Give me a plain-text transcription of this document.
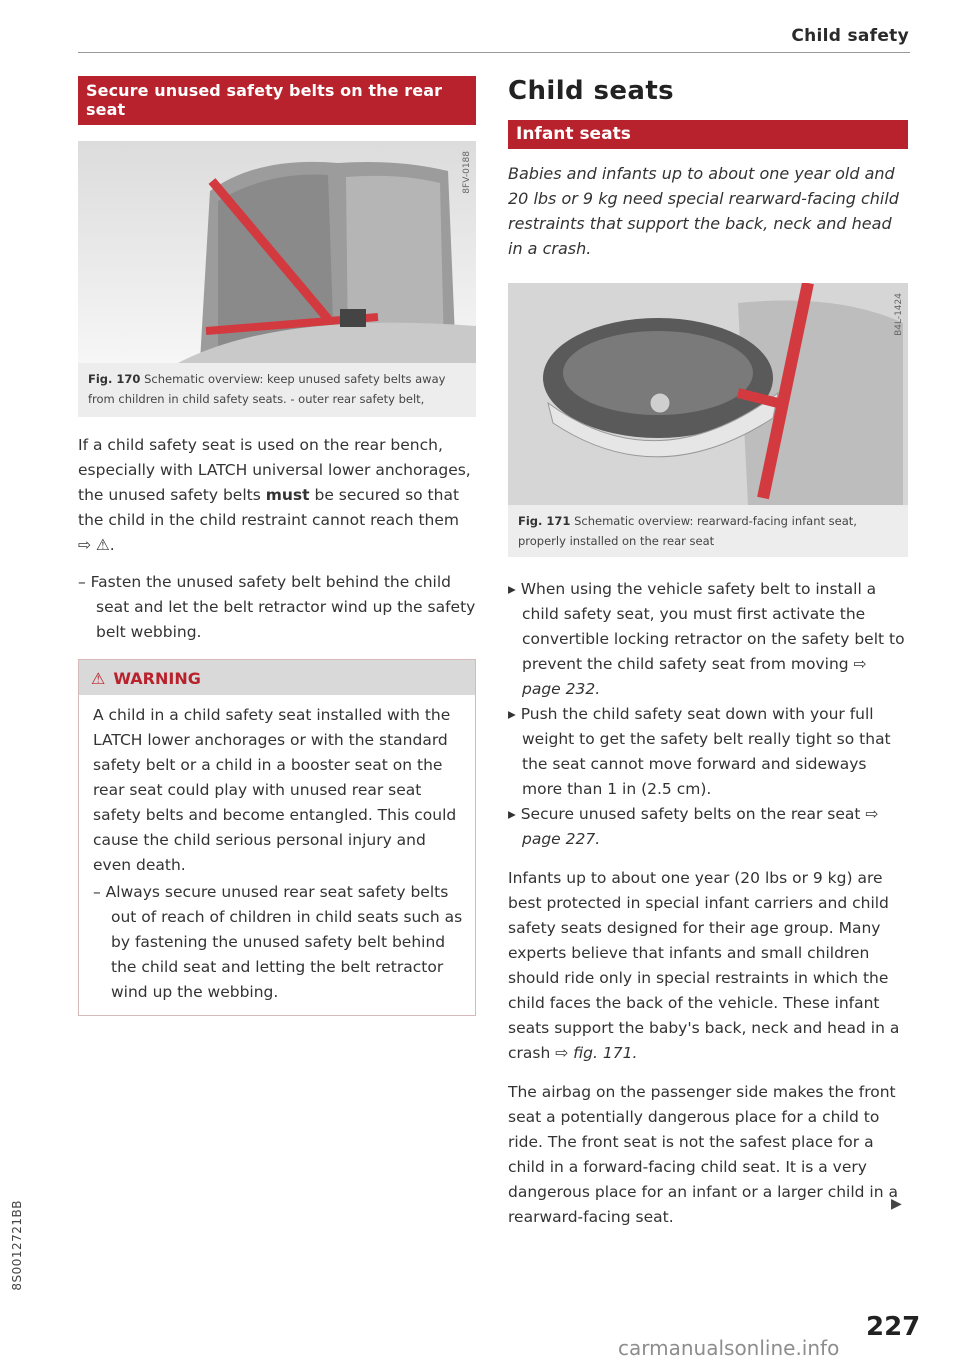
Child safety
Secure unused safety belts on the rear seat
8FV-0188
Fig. 170 Schematic overview: keep unused safety belts away from children in child safety seats. - outer rear safety belt,
If a child safety seat is used on the rear bench, especially with LATCH universal lower anchorages, the unused safety belts must be secured so that the child in the child restraint cannot reach them ⇨ ⚠.
– Fasten the unused safety belt behind the child seat and let the belt retractor wind up the safety belt webbing.
⚠ WARNING
A child in a child safety seat installed with the LATCH lower anchorages or with the standard safety belt or a child in a booster seat on the rear seat could play with unused rear seat safety belts and become entangled. This could cause the child serious personal injury and even death.
– Always secure unused rear seat safety belts out of reach of children in child seats such as by fastening the unused safety belt behind the child seat and letting the belt retractor wind up the webbing.
Child seats
Infant seats
Babies and infants up to about one year old and 20 lbs or 9 kg need special rearward-facing child restraints that support the back, neck and head in a crash.
B4L-1424
Fig. 171 Schematic overview: rearward-facing infant seat, properly installed on the rear seat
▸ When using the vehicle safety belt to install a child safety seat, you must first activate the convertible locking retractor on the safety belt to prevent the child safety seat from moving ⇨ page 232.
▸ Push the child safety seat down with your full weight to get the safety belt really tight so that the seat cannot move forward and sideways more than 1 in (2.5 cm).
▸ Secure unused safety belts on the rear seat ⇨ page 227.
Infants up to about one year (20 lbs or 9 kg) are best protected in special infant carriers and child safety seats designed for their age group. Many experts believe that infants and small children should ride only in special restraints in which the child faces the back of the vehicle. These infant seats support the baby's back, neck and head in a crash ⇨ fig. 171.
The airbag on the passenger side makes the front seat a potentially dangerous place for a child to ride. The front seat is not the safest place for a child in a forward-facing child seat. It is a very dangerous place for an infant or a larger child in a rearward-facing seat.
▶
227
8S0012721BB
carmanualsonline.info
